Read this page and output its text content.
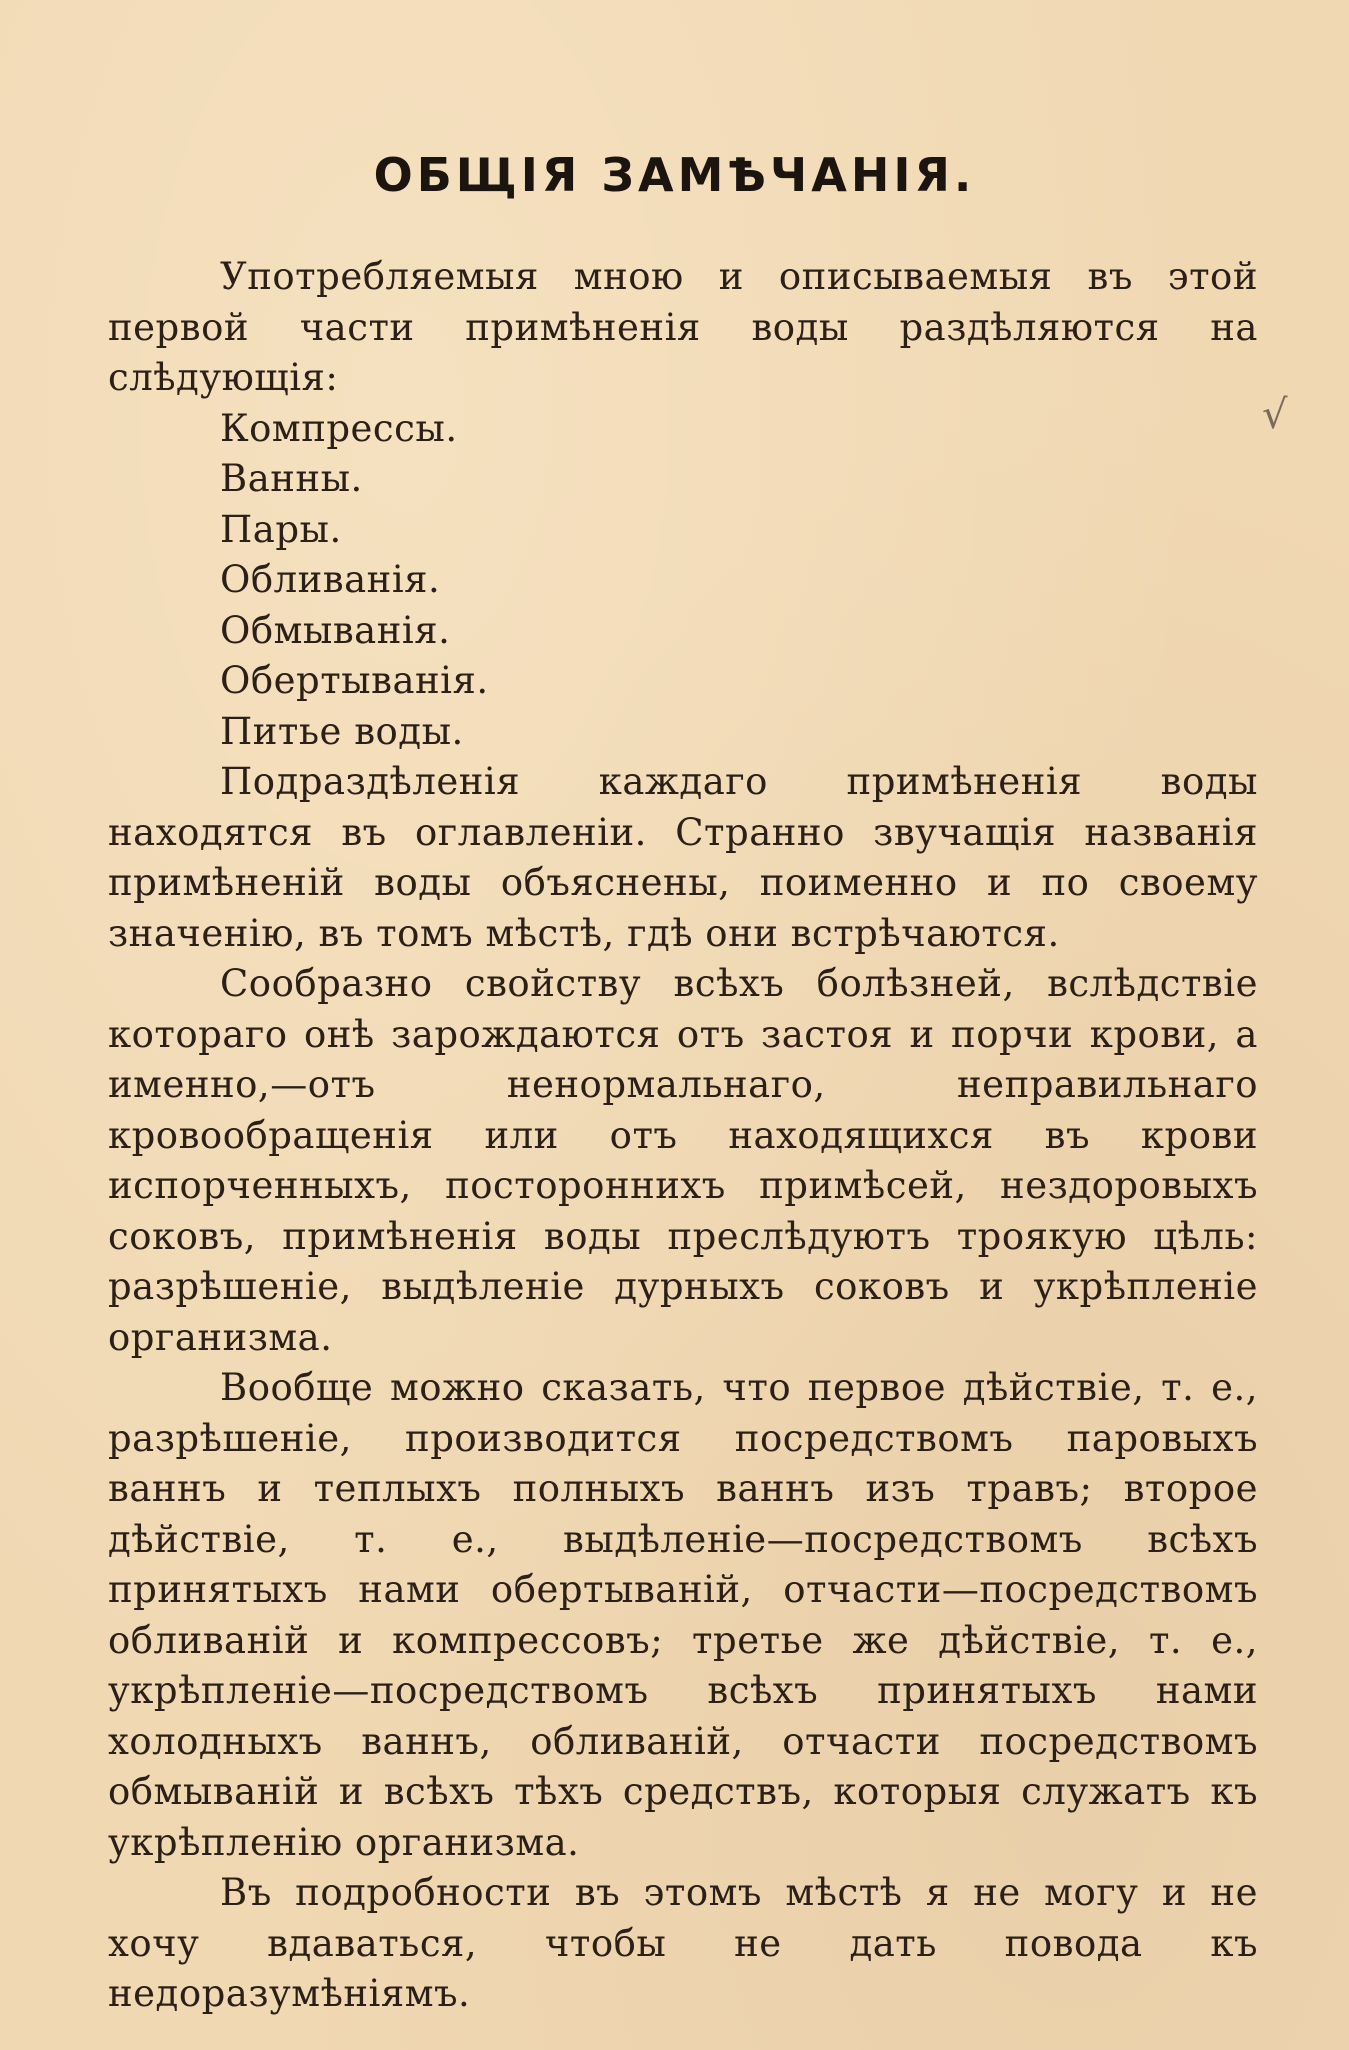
ОБЩІЯ ЗАМѢЧАНІЯ.

Употребляемыя мною и описываемыя въ этой первой части примѣненія воды раздѣляются на слѣдующія:

Компрессы.
Ванны.
Пары.
Обливанія.
Обмыванія.
Обертыванія.
Питье воды.

Подраздѣленія каждаго примѣненія воды находятся въ оглавленіи. Странно звучащія названія примѣненій воды объяснены, поименно и по своему значенію, въ томъ мѣстѣ, гдѣ они встрѣчаются.

Сообразно свойству всѣхъ болѣзней, вслѣдствіе котораго онѣ зарождаются отъ застоя и порчи крови, а именно,—отъ ненормальнаго, неправильнаго кровообращенія или отъ находящихся въ крови испорченныхъ, постороннихъ примѣсей, нездоровыхъ соковъ, примѣненія воды преслѣдуютъ троякую цѣль: разрѣшеніе, выдѣленіе дурныхъ соковъ и укрѣпленіе организма.

Вообще можно сказать, что первое дѣйствіе, т. е., разрѣшеніе, производится посредствомъ паровыхъ ваннъ и теплыхъ полныхъ ваннъ изъ травъ; второе дѣйствіе, т. е., выдѣленіе—посредствомъ всѣхъ принятыхъ нами обертываній, отчасти—посредствомъ обливаній и компрессовъ; третье же дѣйствіе, т. е., укрѣпленіе—посредствомъ всѣхъ принятыхъ нами холодныхъ ваннъ, обливаній, отчасти посредствомъ обмываній и всѣхъ тѣхъ средствъ, которыя служатъ къ укрѣпленію организма.

Въ подробности въ этомъ мѣстѣ я не могу и не хочу вдаваться, чтобы не дать повода къ недоразумѣніямъ.

√
